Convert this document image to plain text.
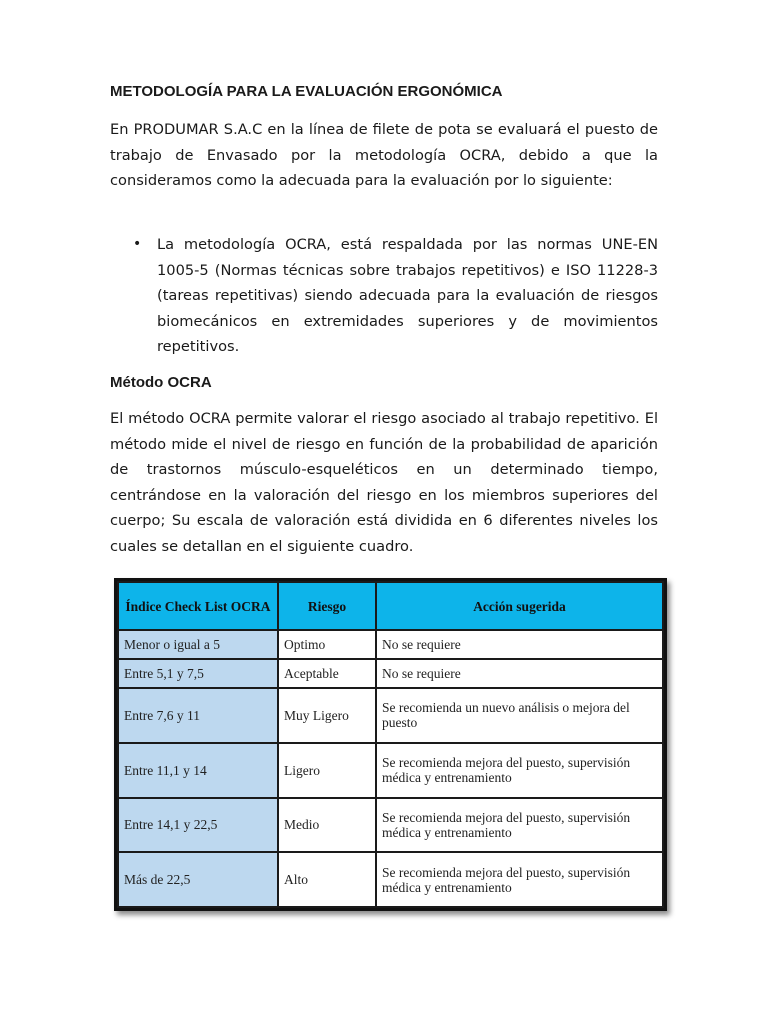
METODOLOGÍA PARA LA EVALUACIÓN ERGONÓMICA

En PRODUMAR S.A.C en la línea de filete de pota se evaluará el puesto de trabajo de Envasado por la metodología OCRA, debido a que la consideramos como la adecuada para la evaluación por lo siguiente:

• La metodología OCRA, está respaldada por las normas UNE-EN 1005-5 (Normas técnicas sobre trabajos repetitivos) e ISO 11228-3 (tareas repetitivas) siendo adecuada para la evaluación de riesgos biomecánicos en extremidades superiores y de movimientos repetitivos.
Método OCRA

El método OCRA permite valorar el riesgo asociado al trabajo repetitivo. El método mide el nivel de riesgo en función de la probabilidad de aparición de trastornos músculo-esqueléticos en un determinado tiempo, centrándose en la valoración del riesgo en los miembros superiores del cuerpo; Su escala de valoración está dividida en 6 diferentes niveles los cuales se detallan en el siguiente cuadro.

Índice Check List OCRA	Riesgo	Acción sugerida
Menor o igual a 5	Optimo	No se requiere
Entre 5,1 y 7,5	Aceptable	No se requiere
Entre 7,6 y 11	Muy Ligero	Se recomienda un nuevo análisis o mejora del puesto
Entre 11,1 y 14	Ligero	Se recomienda mejora del puesto, supervisión médica y entrenamiento
Entre 14,1 y 22,5	Medio	Se recomienda mejora del puesto, supervisión médica y entrenamiento
Más de 22,5	Alto	Se recomienda mejora del puesto, supervisión médica y entrenamiento
